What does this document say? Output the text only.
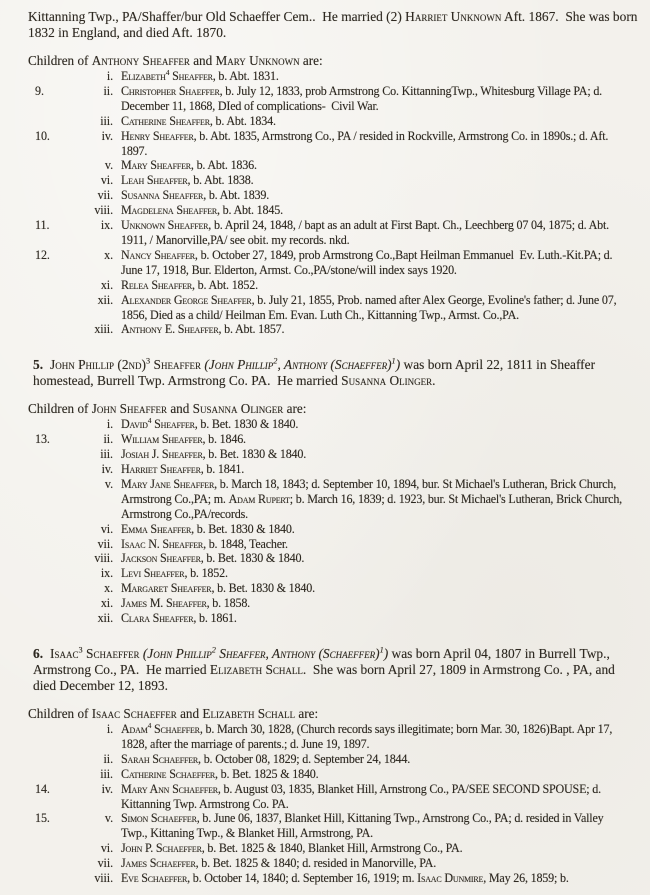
Kittanning Twp., PA/Shaffer/bur Old Schaeffer Cem..  He married (2) Harriet Unknown Aft. 1867.  She was born 1832 in England, and died Aft. 1870.
Children of Anthony Sheaffer and Mary Unknown are:
i. Elizabeth$^4$ Sheaffer, b. Abt. 1831.
9.	ii. Christopher Shaeffer, b. July 12, 1833, prob Armstrong Co. KittanningTwp., Whitesburg Village PA; d. December 11, 1868, DIed of complications-  Civil War.
iii. Catherine Sheaffer, b. Abt. 1834.
10.	iv. Henry Sheaffer, b. Abt. 1835, Armstrong Co., PA / resided in Rockville, Armstrong Co. in 1890s.; d. Aft. 1897.
v. Mary Sheaffer, b. Abt. 1836.
vi. Leah Sheaffer, b. Abt. 1838.
vii. Susanna Sheaffer, b. Abt. 1839.
viii. Magdelena Sheaffer, b. Abt. 1845.
11.	ix. Unknown Sheaffer, b. April 24, 1848, / bapt as an adult at First Bapt. Ch., Leechberg 07 04, 1875; d. Abt. 1911, / Manorville,PA/ see obit. my records. nkd.
12.	x. Nancy Sheaffer, b. October 27, 1849, prob Armstrong Co.,Bapt Heilman Emmanuel  Ev. Luth.-Kit.PA; d. June 17, 1918, Bur. Elderton, Armst. Co.,PA/stone/will index says 1920.
xi. Relea Sheaffer, b. Abt. 1852.
xii. Alexander George Sheaffer, b. July 21, 1855, Prob. named after Alex George, Evoline's father; d. June 07, 1856, Died as a child/ Heilman Em. Evan. Luth Ch., Kittanning Twp., Armst. Co.,PA.
xiii. Anthony E. Sheaffer, b. Abt. 1857.
5. John Phillip $(2nd)^3$ Sheaffer (John Phillip$^2$, Anthony (Schaeffer)$^1$) was born April 22, 1811 in Sheaffer homestead, Burrell Twp. Armstrong Co. PA.  He married Susanna Olinger.
Children of John Sheaffer and Susanna Olinger are:
i. David$^4$ Sheaffer, b. Bet. 1830 & 1840.
13.	ii. William Sheaffer, b. 1846.
iii. Josiah J. Sheaffer, b. Bet. 1830 & 1840.
iv. Harriet Sheaffer, b. 1841.
v. Mary Jane Sheaffer, b. March 18, 1843; d. September 10, 1894, bur. St Michael's Lutheran, Brick Church, Armstrong Co.,PA; m. Adam Rupert; b. March 16, 1839; d. 1923, bur. St Michael's Lutheran, Brick Church, Armstrong Co.,PA/records.
vi. Emma Sheaffer, b. Bet. 1830 & 1840.
vii. Isaac N. Sheaffer, b. 1848, Teacher.
viii. Jackson Sheaffer, b. Bet. 1830 & 1840.
ix. Levi Sheaffer, b. 1852.
x. Margaret Sheaffer, b. Bet. 1830 & 1840.
xi. James M. Sheaffer, b. 1858.
xii. Clara Sheaffer, b. 1861.
6. Isaac$^3$ Schaeffer (John Phillip$^2$ Sheaffer, Anthony (Schaeffer)$^1$) was born April 04, 1807 in Burrell Twp., Armstrong Co., PA.  He married Elizabeth Schall.  She was born April 27, 1809 in Armstrong Co. , PA, and died December 12, 1893.
Children of Isaac Schaeffer and Elizabeth Schall are:
i. Adam$^4$ Schaeffer, b. March 30, 1828, (Church records says illegitimate; born Mar. 30, 1826)Bapt. Apr 17, 1828, after the marriage of parents.; d. June 19, 1897.
ii. Sarah Schaeffer, b. October 08, 1829; d. September 24, 1844.
iii. Catherine Schaeffer, b. Bet. 1825 & 1840.
14.	iv. Mary Ann Schaeffer, b. August 03, 1835, Blanket Hill, Arnstrong Co., PA/SEE SECOND SPOUSE; d. Kittanning Twp. Armstrong Co. PA.
15.	v. Simon Schaeffer, b. June 06, 1837, Blanket Hill, Kittaning Twp., Arnstrong Co., PA; d. resided in Valley Twp., Kittaning Twp., & Blanket Hill, Armstrong, PA.
vi. John P. Schaeffer, b. Bet. 1825 & 1840, Blanket Hill, Armstrong Co., PA.
vii. James Schaeffer, b. Bet. 1825 & 1840; d. resided in Manorville, PA.
viii. Eve Schaeffer, b. October 14, 1840; d. September 16, 1919; m. Isaac Dunmire, May 26, 1859; b.
